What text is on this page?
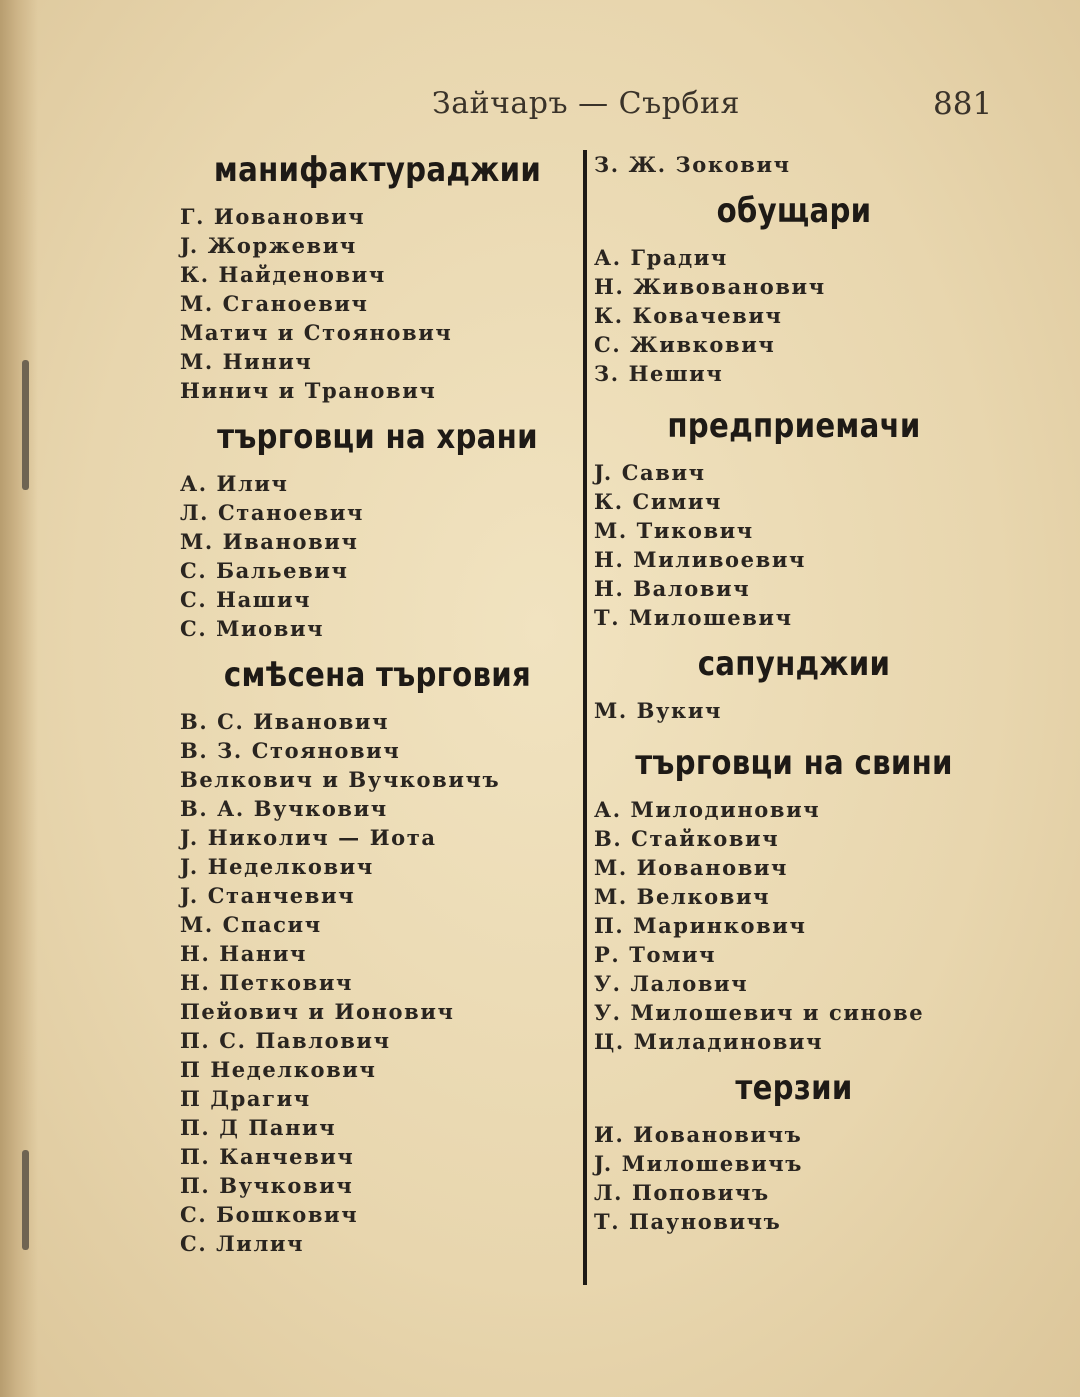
Зайчаръ — Сърбия	881
манифактураджии
Г. Иованович
J. Жоржевич
К. Найденович
М. Сганоевич
Матич и Стоянович
М. Нинич
Нинич и Транович
търговци на храни
А. Илич
Л. Станоевич
М. Иванович
С. Бальевич
С. Нашич
С. Миович
смѣсена търговия
В. С. Иванович
В. З. Стоянович
Велкович и Вучковичъ
В. А. Вучкович
J. Николич — Иота
J. Неделкович
J. Станчевич
М. Спасич
Н. Нанич
Н. Петкович
Пейович и Ионович
П. С. Павлович
П Неделкович
П Драгич
П. Д Панич
П. Канчевич
П. Вучкович
С. Бошкович
С. Лилич
З. Ж. Зокович
обущари
А. Градич
Н. Живованович
К. Ковачевич
С. Живкович
З. Нешич
предприемачи
J. Савич
К. Симич
М. Тикович
Н. Миливоевич
Н. Валович
Т. Милошевич
сапунджии
М. Вукич
търговци на свини
А. Милодинович
В. Стайкович
М. Иованович
М. Велкович
П. Маринкович
Р. Томич
У. Лалович
У. Милошевич и синове
Ц. Миладинович
терзии
И. Иовановичъ
J. Милошевичъ
Л. Поповичъ
Т. Пауновичъ
